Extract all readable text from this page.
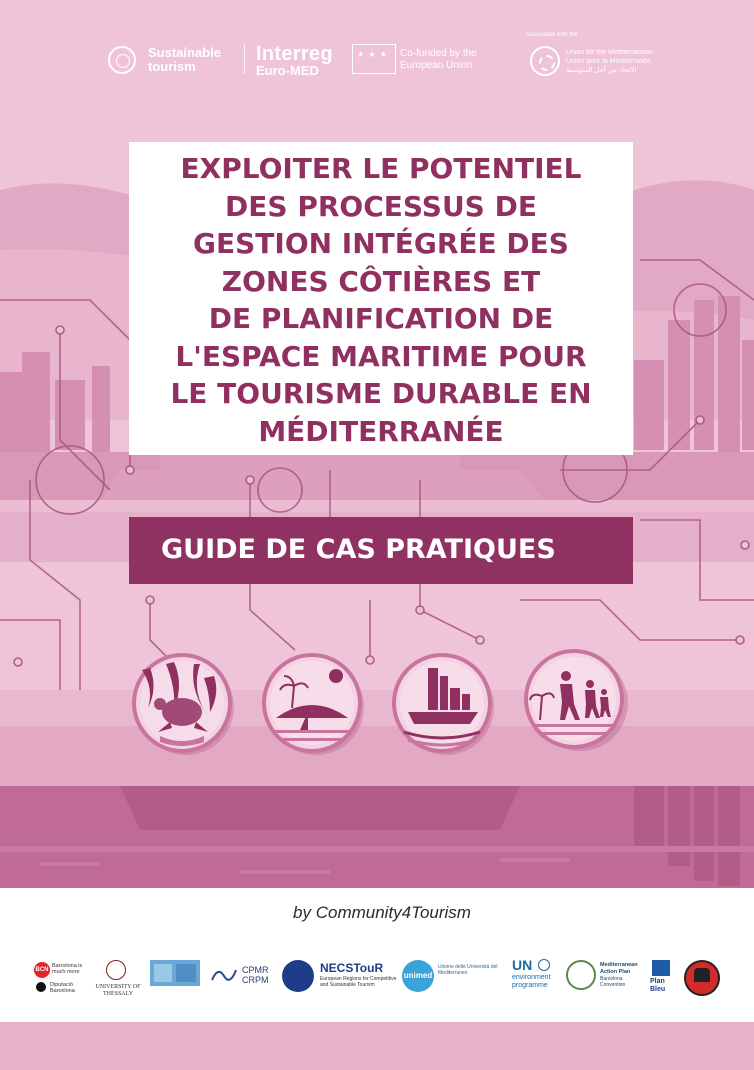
Sustainable tourism
Interreg
Euro-MED
★ ★ ★
Co-funded by the European Union
Associated with the
Union for the Mediterranean
Union pour la Méditerranée
الاتحاد من أجل المتوسط
EXPLOITER LE POTENTIEL
DES PROCESSUS DE
GESTION INTÉGRÉE DES
ZONES CÔTIÈRES ET
DE PLANIFICATION DE
L'ESPACE MARITIME POUR
LE TOURISME DURABLE EN
MÉDITERRANÉE
GUIDE DE CAS PRATIQUES
by Community4Tourism
BCN
Barcelona is much more
Diputació Barcelona
UNIVERSITY OF THESSALY
CPMR
CRPM
NECSTouR
European Regions for Competitive and Sustainable Tourism
unimed
Unione delle Università del Mediterraneo	UN
environment
programme
Mediterranean Action Plan
Barcelona Convention	Plan Bleu
